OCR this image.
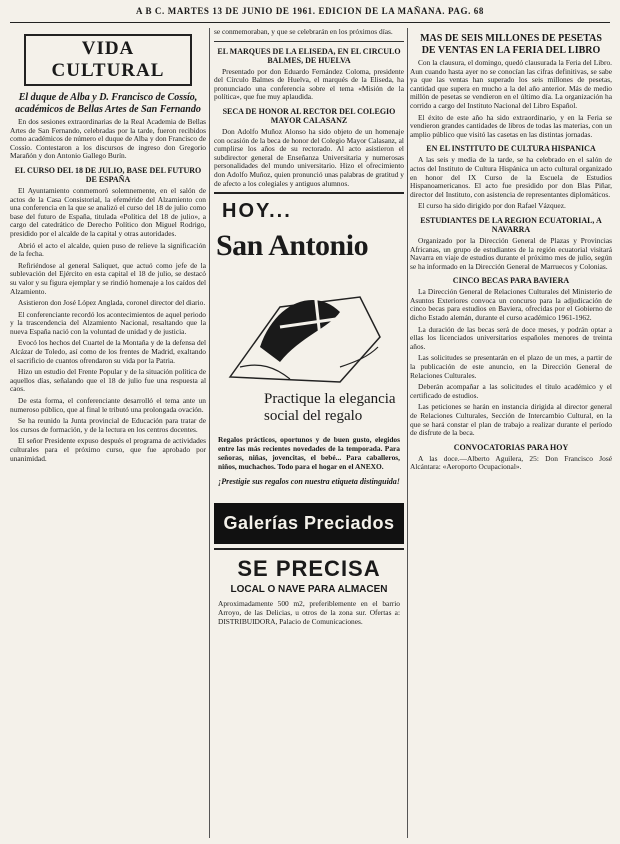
A B C. MARTES 13 DE JUNIO DE 1961. EDICION DE LA MAÑANA. PAG. 68
VIDA CULTURAL
El duque de Alba y D. Francisco de Cossío, académicos de Bellas Artes de San Fernando

En dos sesiones extraordinarias de la Real Academia de Bellas Artes de San Fernando, celebradas por la tarde, fueron recibidos como académicos de número el duque de Alba y don Francisco de Cossío. Contestaron a los discursos de ingreso don Gregorio Marañón y don Antonio Gallego Burín.

EL CURSO DEL 18 DE JULIO, BASE DEL FUTURO DE ESPAÑA

El Ayuntamiento conmemoró solemnemente, en el salón de actos de la Casa Consistorial, la efeméride del Alzamiento con una conferencia en la que se analizó el curso del 18 de julio como base del futuro de España, titulada «Política del 18 de julio», a cargo del catedrático de Derecho Político don Miguel Rodrigo, presidido por el alcalde de la capital y otras autoridades.

Abrió el acto el alcalde, quien puso de relieve la significación de la fecha.

Refiriéndose al general Saliquet, que actuó como jefe de la sublevación del Ejército en esta capital el 18 de julio, se destacó su valor y su figura ejemplar y se rindió homenaje a los caídos del Alzamiento.

Asistieron don José López Anglada, coronel director del diario.

El conferenciante recordó los acontecimientos de aquel periodo y la trascendencia del Alzamiento Nacional, resaltando que la nueva España nació con la voluntad de unidad y de justicia.

Evocó los hechos del Cuartel de la Montaña y de la defensa del Alcázar de Toledo, así como de los frentes de Madrid, exaltando el sacrificio de cuantos ofrendaron su vida por la Patria.

Hizo un estudio del Frente Popular y de la situación política de aquellos días, señalando que el 18 de julio fue una respuesta al caos.

De esta forma, el conferenciante desarrolló el tema ante un numeroso público, que al final le tributó una prolongada ovación.

Se ha reunido la Junta provincial de Educación para tratar de los cursos de formación, y de la lectura en los centros docentes.

El señor Presidente expuso después el programa de actividades culturales para el próximo curso, que fue aprobado por unanimidad.

se conmemoraban, y que se celebrarán en los próximos días.

EL MARQUES DE LA ELISEDA, EN EL CIRCULO BALMES, DE HUELVA

Presentado por don Eduardo Fernández Coloma, presidente del Círculo Balmes de Huelva, el marqués de la Eliseda, ha pronunciado una conferencia sobre el tema «Misión de la política», que fue muy aplaudida.

SECA DE HONOR AL RECTOR DEL COLEGIO MAYOR CALASANZ

Don Adolfo Muñoz Alonso ha sido objeto de un homenaje con ocasión de la beca de honor del Colegio Mayor Calasanz, al cumplirse los años de su rectorado. Al acto asistieron el subdirector general de Enseñanza Universitaria y numerosas personalidades del mundo universitario. Hizo el ofrecimiento don Adolfo Muñoz, quien pronunció unas palabras de gratitud y de afecto a los colegiales y antiguos alumnos.

HOY...
San Antonio
Practique la elegancia social del regalo
Regalos prácticos, oportunos y de buen gusto, elegidos entre las más recientes novedades de la temporada. Para señoras, niñas, jovencitas, el bebé... Para caballeros, niños, muchachos. Todo para el hogar en el ANEXO.
¡Prestigie sus regalos con nuestra etiqueta distinguida!
Galerías Preciados
SE PRECISA
LOCAL O NAVE PARA ALMACEN
Aproximadamente 500 m2, preferiblemente en el barrio Arroyo, de las Delicias, u otros de la zona sur. Ofertas a: DISTRIBUIDORA, Palacio de Comunicaciones.
MAS DE SEIS MILLONES DE PESETAS DE VENTAS EN LA FERIA DEL LIBRO

Con la clausura, el domingo, quedó clausurada la Feria del Libro. Aun cuando hasta ayer no se conocían las cifras definitivas, se sabe ya que las ventas han superado los seis millones de pesetas, cantidad que supera en mucho a la del año anterior. Más de medio millón de pesetas se vendieron en el último día. La organización ha corrido a cargo del Instituto Nacional del Libro Español.

El éxito de este año ha sido extraordinario, y en la Feria se vendieron grandes cantidades de libros de todas las materias, con un amplio público que visitó las casetas en las distintas jornadas.

EN EL INSTITUTO DE CULTURA HISPANICA

A las seis y media de la tarde, se ha celebrado en el salón de actos del Instituto de Cultura Hispánica un acto cultural organizado en honor del IX Curso de la Escuela de Estudios Hispanoamericanos. El acto fue presidido por don Blas Piñar, director del Instituto, con asistencia de representantes diplomáticos.

El curso ha sido dirigido por don Rafael Vázquez.

ESTUDIANTES DE LA REGION ECUATORIAL, A NAVARRA

Organizado por la Dirección General de Plazas y Provincias Africanas, un grupo de estudiantes de la región ecuatorial visitará Navarra en viaje de estudios durante el próximo mes de julio, según se ha informado en la Dirección General de Marruecos y Colonias.

CINCO BECAS PARA BAVIERA

La Dirección General de Relaciones Culturales del Ministerio de Asuntos Exteriores convoca un concurso para la adjudicación de cinco becas para estudios en Baviera, ofrecidas por el Gobierno de dicho Estado alemán, durante el curso académico 1961-1962.

La duración de las becas será de doce meses, y podrán optar a ellas los licenciados universitarios españoles menores de treinta años.

Las solicitudes se presentarán en el plazo de un mes, a partir de la publicación de este anuncio, en la Dirección General de Relaciones Culturales.

Deberán acompañar a las solicitudes el título académico y el certificado de estudios.

Las peticiones se harán en instancia dirigida al director general de Relaciones Culturales, Sección de Intercambio Cultural, en la que se hará constar el plan de trabajo a realizar durante el período de disfrute de la beca.

CONVOCATORIAS PARA HOY

A las doce.—Alberto Aguilera, 25: Don Francisco José Alcántara: «Aeroporto Ocupacional».
